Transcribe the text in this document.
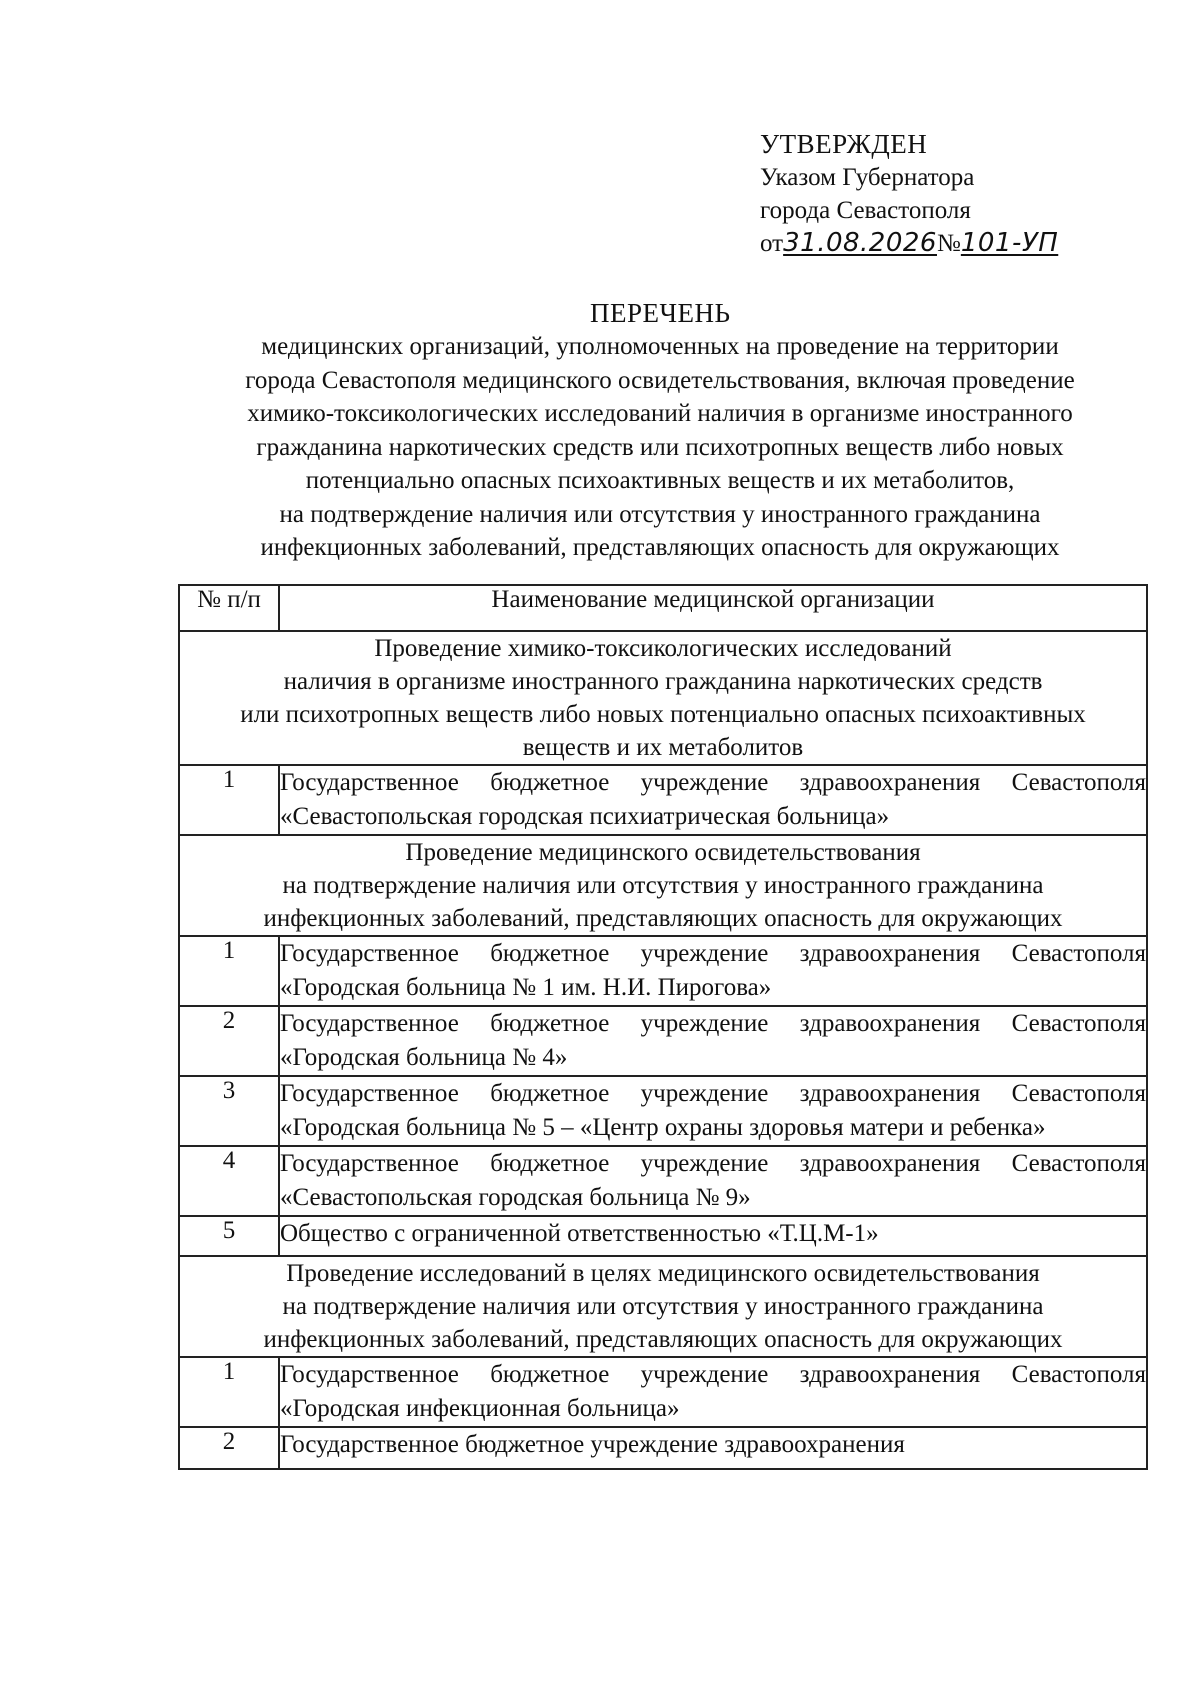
УТВЕРЖДЕН
Указом Губернатора
города Севастополя
от31.08.2026№101-УП
ПЕРЕЧЕНЬ
медицинских организаций, уполномоченных на проведение на территории
города Севастополя медицинского освидетельствования, включая проведение
химико-токсикологических исследований наличия в организме иностранного
гражданина наркотических средств или психотропных веществ либо новых
потенциально опасных психоактивных веществ и их метаболитов,
на подтверждение наличия или отсутствия у иностранного гражданина
инфекционных заболеваний, представляющих опасность для окружающих
№ п/п	Наименование медицинской организации

Проведение химико-токсикологических исследований
наличия в организме иностранного гражданина наркотических средств
или психотропных веществ либо новых потенциально опасных психоактивных
веществ и их метаболитов	

1	Государственное бюджетное учреждение здравоохранения Севастополя «Севастопольская городская психиатрическая больница»

Проведение медицинского освидетельствования
на подтверждение наличия или отсутствия у иностранного гражданина
инфекционных заболеваний, представляющих опасность для окружающих	

1	Государственное бюджетное учреждение здравоохранения Севастополя «Городская больница № 1 им. Н.И. Пирогова»
2	Государственное бюджетное учреждение здравоохранения Севастополя «Городская больница № 4»
3	Государственное бюджетное учреждение здравоохранения Севастополя «Городская больница № 5 – «Центр охраны здоровья матери и ребенка»
4	Государственное бюджетное учреждение здравоохранения Севастополя «Севастопольская городская больница № 9»
5	Общество с ограниченной ответственностью «Т.Ц.М-1»

Проведение исследований в целях медицинского освидетельствования
на подтверждение наличия или отсутствия у иностранного гражданина
инфекционных заболеваний, представляющих опасность для окружающих	

1	Государственное бюджетное учреждение здравоохранения Севастополя «Городская инфекционная больница»
2	Государственное бюджетное учреждение здравоохранения
